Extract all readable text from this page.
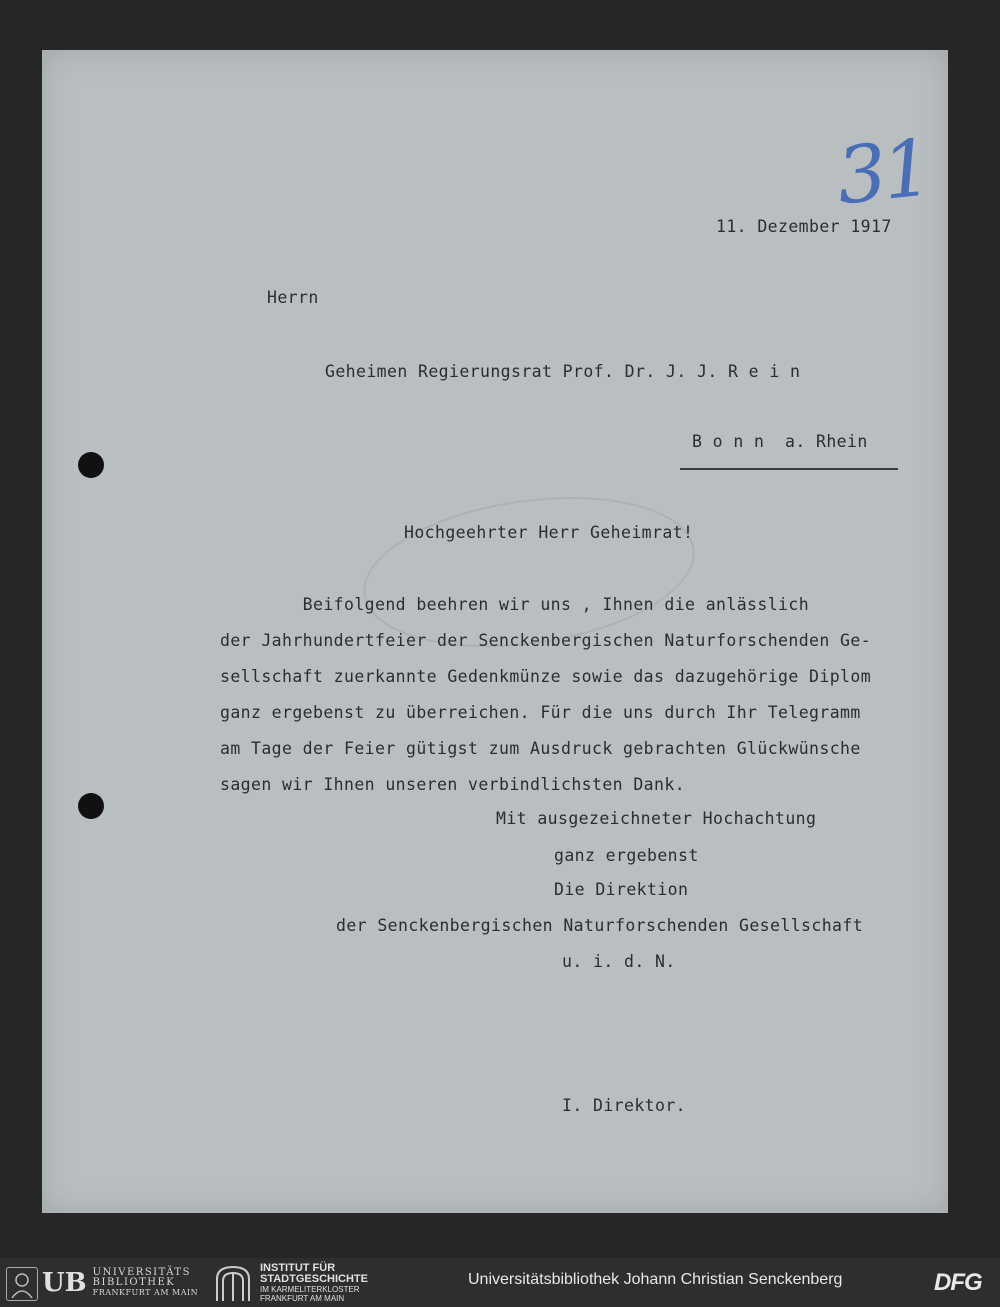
31

11. Dezember 1917

Herrn

Geheimen Regierungsrat Prof. Dr. J. J. R e i n

B o n n  a. Rhein

Hochgeehrter Herr Geheimrat!

Beifolgend beehren wir uns , Ihnen die anlässlich

der Jahrhundertfeier der Senckenbergischen Naturforschenden Ge-

sellschaft zuerkannte Gedenkmünze sowie das dazugehörige Diplom

ganz ergebenst zu überreichen. Für die uns durch Ihr Telegramm

am Tage der Feier gütigst zum Ausdruck gebrachten Glückwünsche

sagen wir Ihnen unseren verbindlichsten Dank.

Mit ausgezeichneter Hochachtung

ganz ergebenst

Die Direktion

der Senckenbergischen Naturforschenden Gesellschaft

u. i. d. N.

I. Direktor.

UB UNIVERSITÄTS
BIBLIOTHEK
FRANKFURT AM MAIN
INSTITUT FÜR
STADTGESCHICHTE
IM KARMELITERKLOSTER
FRANKFURT AM MAIN
Universitätsbibliothek Johann Christian Senckenberg	DFG
